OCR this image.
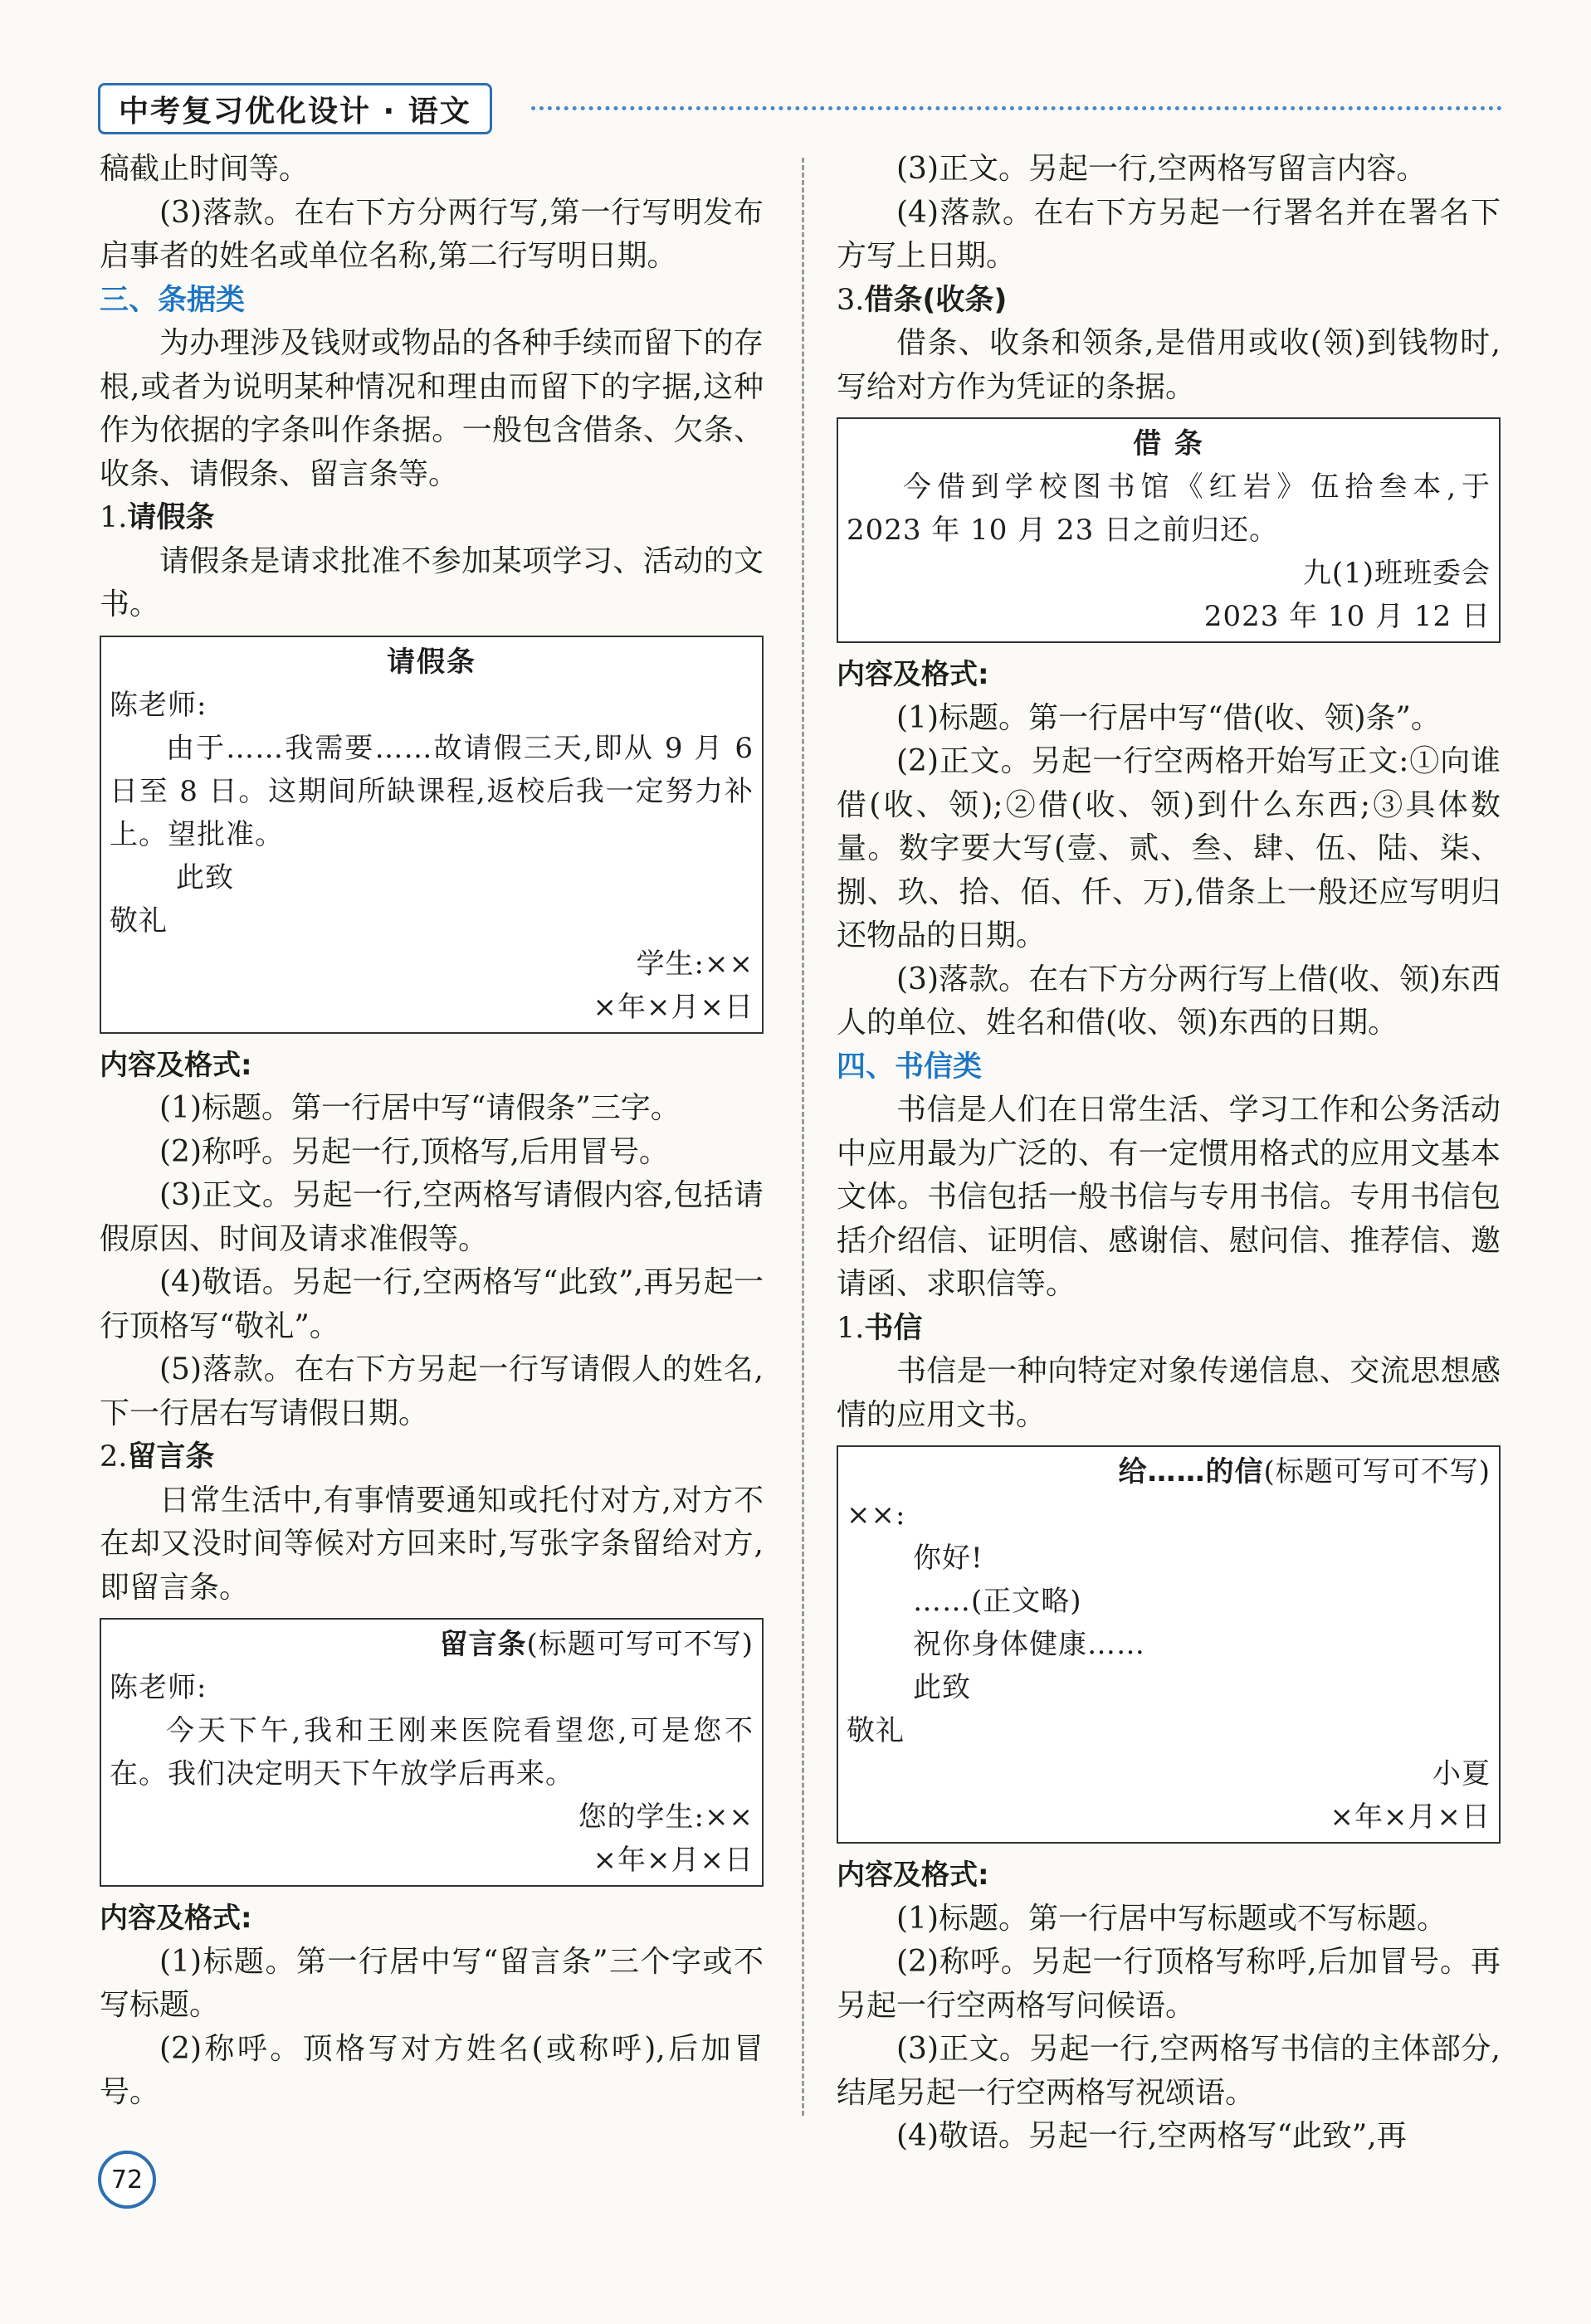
中考复习优化设计 · 语文

稿截止时间等。

(3)落款。在右下方分两行写,第一行写明发布启事者的姓名或单位名称,第二行写明日期。

三、条据类

为办理涉及钱财或物品的各种手续而留下的存根,或者为说明某种情况和理由而留下的字据,这种作为依据的字条叫作条据。一般包含借条、欠条、收条、请假条、留言条等。

1.请假条

请假条是请求批准不参加某项学习、活动的文书。

请假条

陈老师:

由于……我需要……故请假三天,即从 9 月 6 日至 8 日。这期间所缺课程,返校后我一定努力补上。望批准。

此致

敬礼

学生:××

×年×月×日

内容及格式:

(1)标题。第一行居中写“请假条”三字。

(2)称呼。另起一行,顶格写,后用冒号。

(3)正文。另起一行,空两格写请假内容,包括请假原因、时间及请求准假等。

(4)敬语。另起一行,空两格写“此致”,再另起一行顶格写“敬礼”。

(5)落款。在右下方另起一行写请假人的姓名,下一行居右写请假日期。

2.留言条

日常生活中,有事情要通知或托付对方,对方不在却又没时间等候对方回来时,写张字条留给对方,即留言条。

留言条(标题可写可不写)

陈老师:

今天下午,我和王刚来医院看望您,可是您不在。我们决定明天下午放学后再来。

您的学生:××

×年×月×日

内容及格式:

(1)标题。第一行居中写“留言条”三个字或不写标题。

(2)称呼。顶格写对方姓名(或称呼),后加冒号。

(3)正文。另起一行,空两格写留言内容。

(4)落款。在右下方另起一行署名并在署名下方写上日期。

3.借条(收条)

借条、收条和领条,是借用或收(领)到钱物时,写给对方作为凭证的条据。

借 条

今借到学校图书馆《红岩》伍拾叁本,于 2023 年 10 月 23 日之前归还。

九(1)班班委会

2023 年 10 月 12 日

内容及格式:

(1)标题。第一行居中写“借(收、领)条”。

(2)正文。另起一行空两格开始写正文:①向谁借(收、领);②借(收、领)到什么东西;③具体数量。数字要大写(壹、贰、叁、肆、伍、陆、柒、捌、玖、拾、佰、仟、万),借条上一般还应写明归还物品的日期。

(3)落款。在右下方分两行写上借(收、领)东西人的单位、姓名和借(收、领)东西的日期。

四、书信类

书信是人们在日常生活、学习工作和公务活动中应用最为广泛的、有一定惯用格式的应用文基本文体。书信包括一般书信与专用书信。专用书信包括介绍信、证明信、感谢信、慰问信、推荐信、邀请函、求职信等。

1.书信

书信是一种向特定对象传递信息、交流思想感情的应用文书。

给……的信(标题可写可不写)

××:

你好!

……(正文略)

祝你身体健康……

此致

敬礼

小夏

×年×月×日

内容及格式:

(1)标题。第一行居中写标题或不写标题。

(2)称呼。另起一行顶格写称呼,后加冒号。再另起一行空两格写问候语。

(3)正文。另起一行,空两格写书信的主体部分,结尾另起一行空两格写祝颂语。

(4)敬语。另起一行,空两格写“此致”,再

72
